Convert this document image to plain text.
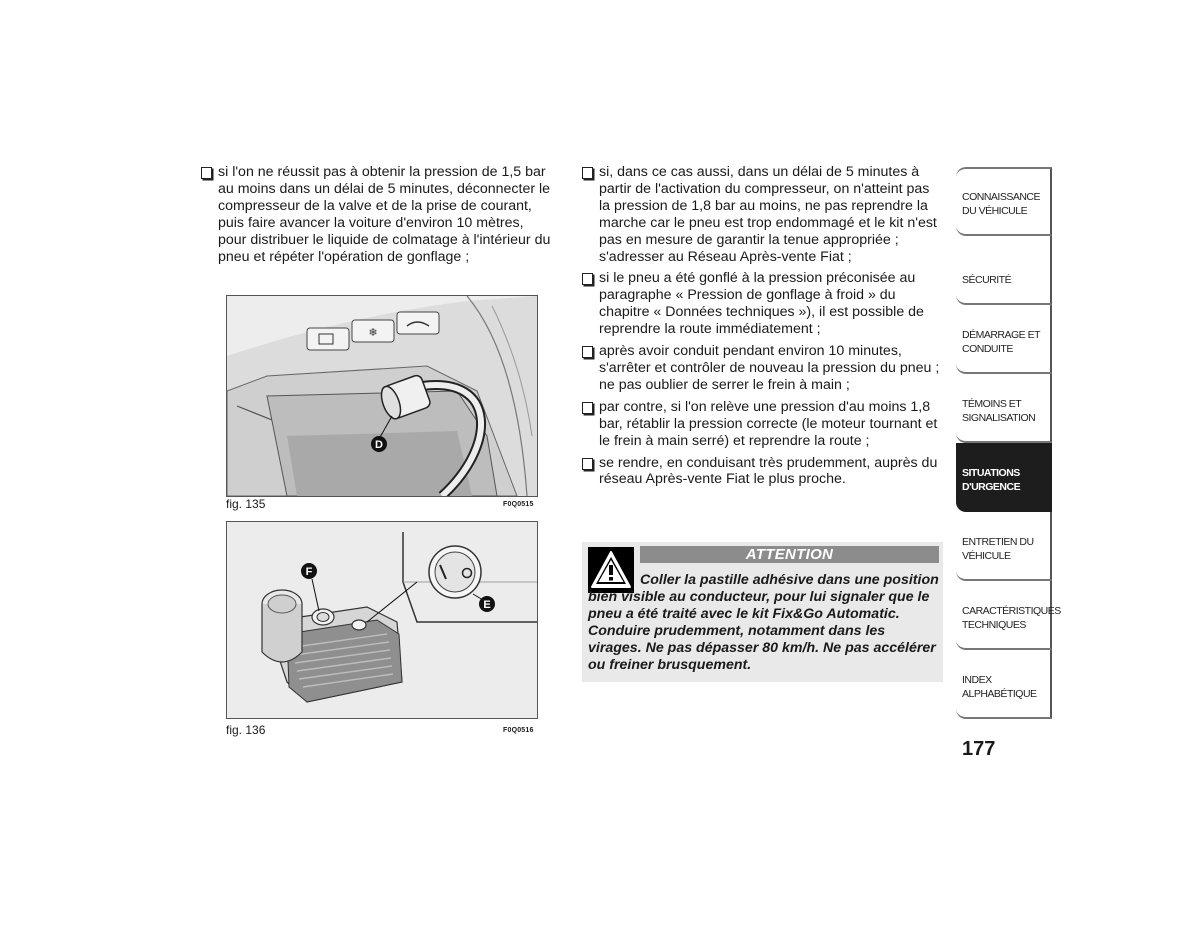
si l'on ne réussit pas à obtenir la pression de 1,5 bar au moins dans un délai de 5 minutes, déconnecter le compresseur de la valve et de la prise de courant, puis faire avancer la voiture d'environ 10 mètres, pour distribuer le liquide de colmatage à l'intérieur du pneu et répéter l'opération de gonflage ;

❄
D
fig. 135	F0Q0515
F
E
fig. 136	F0Q0516

si, dans ce cas aussi, dans un délai de 5 minutes à partir de l'activation du compresseur, on n'atteint pas la pression de 1,8 bar au moins, ne pas reprendre la marche car le pneu est trop endommagé et le kit n'est pas en mesure de garantir la tenue appropriée ; s'adresser au Réseau Après-vente Fiat ;

si le pneu a été gonflé à la pression préconisée au paragraphe « Pression de gonflage à froid » du chapitre « Données techniques »), il est possible de reprendre la route immédiatement ;

après avoir conduit pendant environ 10 minutes, s'arrêter et contrôler de nouveau la pression du pneu ; ne pas oublier de serrer le frein à main ;

par contre, si l'on relève une pression d'au moins 1,8 bar, rétablir la pression correcte (le moteur tournant et le frein à main serré) et reprendre la route ;

se rendre, en conduisant très prudemment, auprès du réseau Après-vente Fiat le plus proche.

ATTENTION
Coller la pastille adhésive dans une position bien visible au conducteur, pour lui signaler que le pneu a été traité avec le kit Fix&Go Automatic. Conduire prudemment, notamment dans les virages. Ne pas dépasser 80 km/h. Ne pas accélérer ou freiner brusquement.
CONNAISSANCE DU VÉHICULE
SÉCURITÉ
DÉMARRAGE ET CONDUITE
TÉMOINS ET SIGNALISATION
SITUATIONS D'URGENCE
ENTRETIEN DU VÉHICULE
CARACTÉRISTIQUES TECHNIQUES
INDEX ALPHABÉTIQUE
177
